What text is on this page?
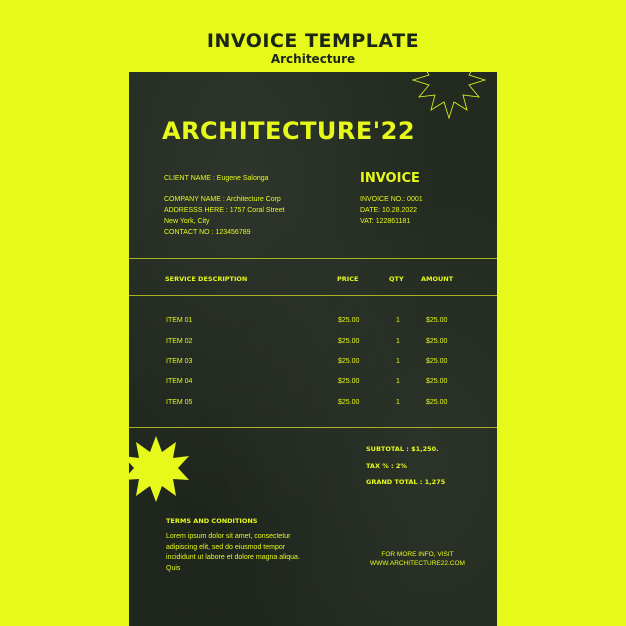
INVOICE TEMPLATE
Architecture
ARCHITECTURE'22
CLIENT NAME : Eugene Salonga
COMPANY NAME : Architecture Corp
ADDRESSS HERE : 1757 Coral Street
New York, City
CONTACT NO : 123456789
INVOICE
INVOICE NO.: 0001
DATE: 10.28.2022
VAT: 122861181
SERVICE DESCRIPTION	PRICE	QTY	AMOUNT
ITEM 01	$25.00	1	$25.00
ITEM 02	$25.00	1	$25.00
ITEM 03	$25.00	1	$25.00
ITEM 04	$25.00	1	$25.00
ITEM 05	$25.00	1	$25.00
SUBTOTAL : $1,250.
TAX % : 2%
GRAND TOTAL : 1,275
TERMS AND CONDITIONS
Lorem ipsum dolor sit amet, consectetur adipiscing elit, sed do eiusmod tempor incididunt ut labore et dolore magna aliqua. Quis
FOR MORE INFO, VISIT
WWW.ARCHITECTURE22.COM
